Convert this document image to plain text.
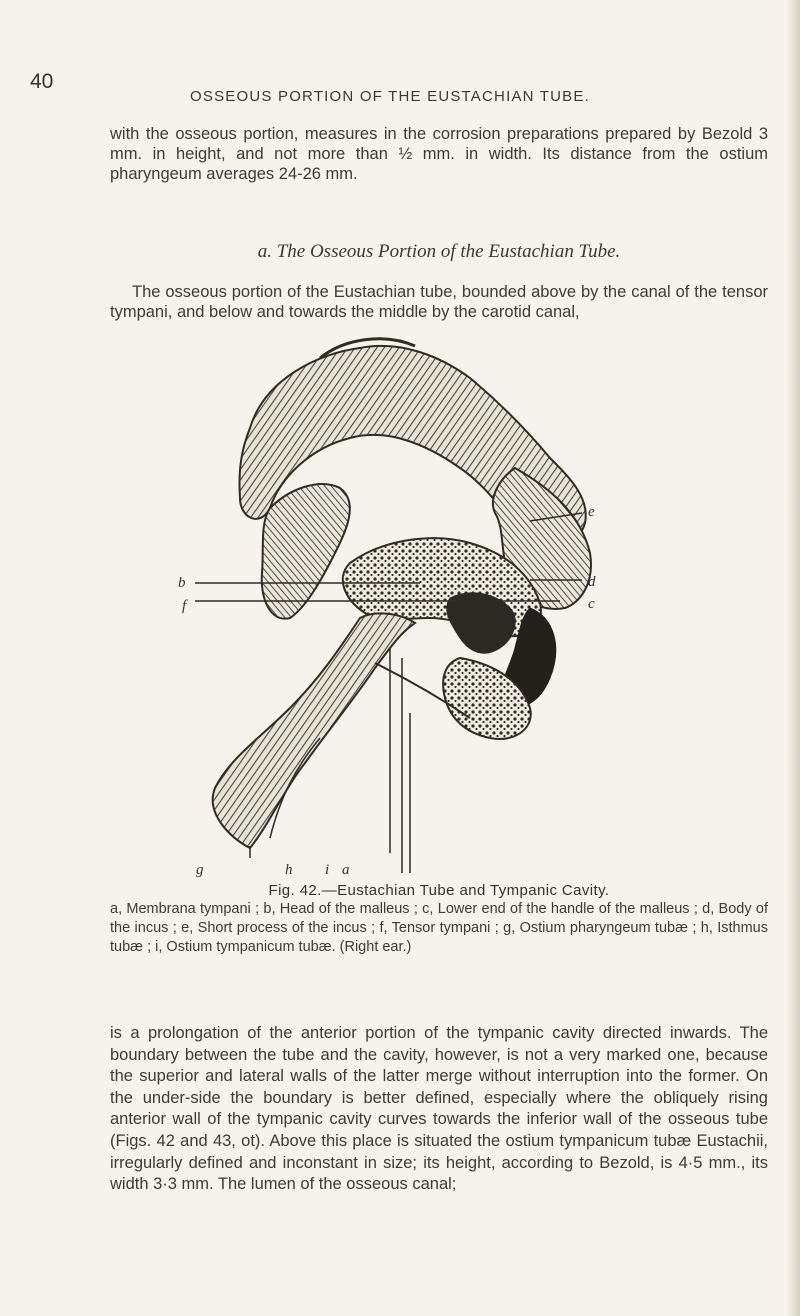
40
OSSEOUS PORTION OF THE EUSTACHIAN TUBE.
with the osseous portion, measures in the corrosion preparations prepared by Bezold 3 mm. in height, and not more than ½ mm. in width. Its distance from the ostium pharyngeum averages 24-26 mm.
a. The Osseous Portion of the Eustachian Tube.
The osseous portion of the Eustachian tube, bounded above by the canal of the tensor tympani, and below and towards the middle by the carotid canal,
b
f
e
d
c
g	h i a
Fig. 42.—Eustachian Tube and Tympanic Cavity.
a, Membrana tympani ; b, Head of the malleus ; c, Lower end of the handle of the malleus ; d, Body of the incus ; e, Short process of the incus ; f, Tensor tympani ; g, Ostium pharyngeum tubæ ; h, Isthmus tubæ ; i, Ostium tympanicum tubæ. (Right ear.)
is a prolongation of the anterior portion of the tympanic cavity directed inwards. The boundary between the tube and the cavity, however, is not a very marked one, because the superior and lateral walls of the latter merge without interruption into the former. On the under-side the boundary is better defined, especially where the obliquely rising anterior wall of the tympanic cavity curves towards the inferior wall of the osseous tube (Figs. 42 and 43, ot). Above this place is situated the ostium tympanicum tubæ Eustachii, irregularly defined and inconstant in size; its height, according to Bezold, is 4·5 mm., its width 3·3 mm. The lumen of the osseous canal;
